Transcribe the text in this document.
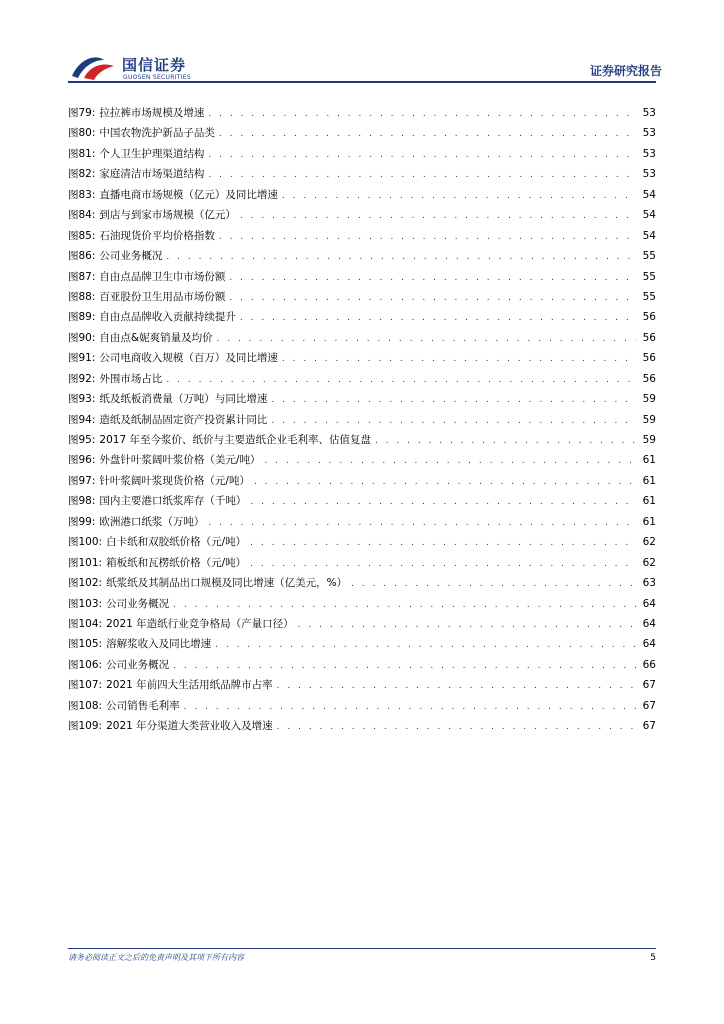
国信证券
GUOSEN SECURITIES	证券研究报告
图79: 拉拉裤市场规模及增速 . . .	53
图80: 中国农物洗护新品子品类 . . .	53
图81: 个人卫生护理渠道结构 . . .	53
图82: 家庭清洁市场渠道结构 . . .	53
图83: 直播电商市场规模（亿元）及同比增速 . . .	54
图84: 到店与到家市场规模（亿元） . . .	54
图85: 石油现货价平均价格指数 . . .	54
图86: 公司业务概况 . . .	55
图87: 自由点品牌卫生巾市场份额 . . .	55
图88: 百亚股份卫生用品市场份额 . . .	55
图89: 自由点品牌收入贡献持续提升 . . .	56
图90: 自由点&妮爽销量及均价 . . .	56
图91: 公司电商收入规模（百万）及同比增速 . . .	56
图92: 外围市场占比 . . .	56
图93: 纸及纸板消费量（万吨）与同比增速 . . .	59
图94: 造纸及纸制品固定资产投资累计同比 . . .	59
图95: 2017 年至今浆价、纸价与主要造纸企业毛利率、估值复盘 . . .	59
图96: 外盘针叶浆阔叶浆价格（美元/吨） . . .	61
图97: 针叶浆阔叶浆现货价格（元/吨） . . .	61
图98: 国内主要港口纸浆库存（千吨） . . .	61
图99: 欧洲港口纸浆（万吨） . . .	61
图100: 白卡纸和双胶纸价格（元/吨） . . .	62
图101: 箱板纸和瓦楞纸价格（元/吨） . . .	62
图102: 纸浆纸及其制品出口规模及同比增速（亿美元，%） . . .	63
图103: 公司业务概况 . . .	64
图104: 2021 年造纸行业竞争格局（产量口径） . . .	64
图105: 溶解浆收入及同比增速 . . .	64
图106: 公司业务概况 . . .	66
图107: 2021 年前四大生活用纸品牌市占率 . . .	67
图108: 公司销售毛利率 . . .	67
图109: 2021 年分渠道大类营业收入及增速 . . .	67
请务必阅读正文之后的免责声明及其项下所有内容	5
